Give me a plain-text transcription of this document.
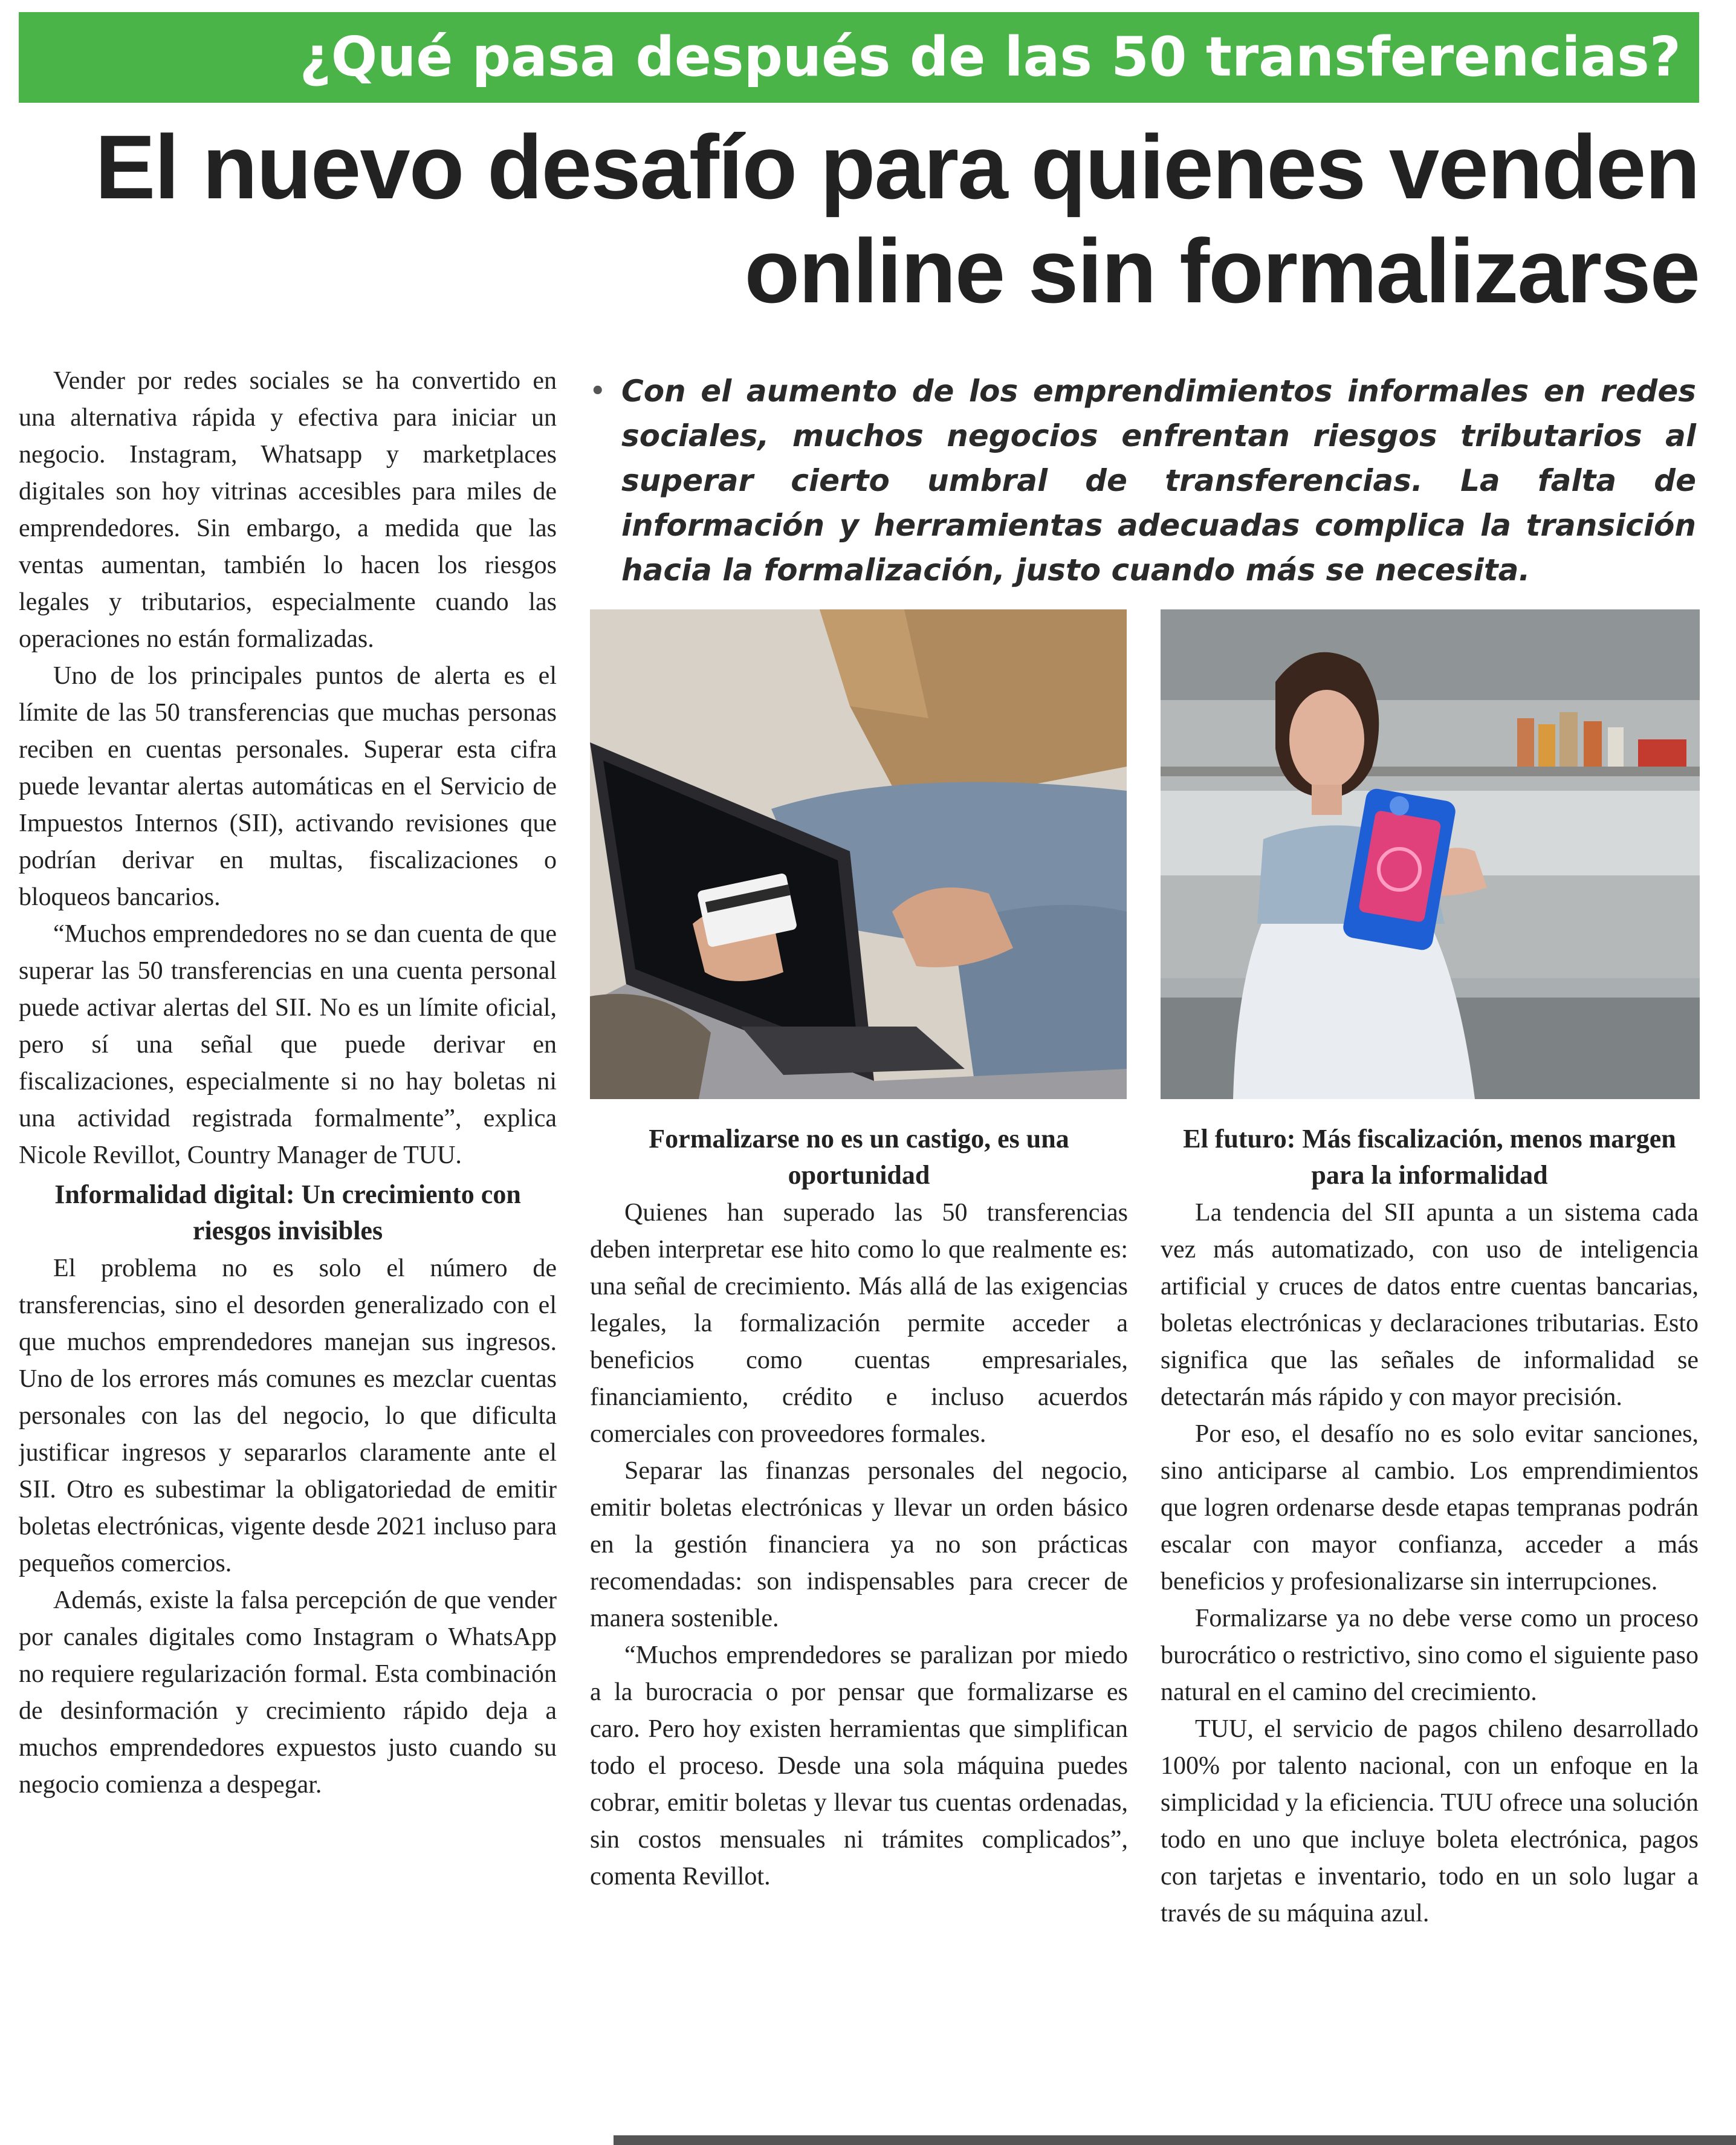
¿Qué pasa después de las 50 transferencias?
El nuevo desafío para quienes venden
online sin formalizarse

Vender por redes sociales se ha convertido en una alternativa rápida y efectiva para iniciar un negocio. Instagram, Whatsapp y marketplaces digitales son hoy vitrinas accesibles para miles de emprendedores. Sin embargo, a medida que las ventas aumentan, también lo hacen los riesgos legales y tributarios, especialmente cuando las operaciones no están formalizadas.

Uno de los principales puntos de alerta es el límite de las 50 transferencias que muchas personas reciben en cuentas personales. Superar esta cifra puede levantar alertas automáticas en el Servicio de Impuestos Internos (SII), activando revisiones que podrían derivar en multas, fiscalizaciones o bloqueos bancarios.

“Muchos emprendedores no se dan cuenta de que superar las 50 transferencias en una cuenta personal puede activar alertas del SII. No es un límite oficial, pero sí una señal que puede derivar en fiscalizaciones, especialmente si no hay boletas ni una actividad registrada formalmente”, explica Nicole Revillot, Country Manager de TUU.

Informalidad digital: Un crecimiento con riesgos invisibles

El problema no es solo el número de transferencias, sino el desorden generalizado con el que muchos emprendedores manejan sus ingresos. Uno de los errores más comunes es mezclar cuentas personales con las del negocio, lo que dificulta justificar ingresos y separarlos claramente ante el SII. Otro es subestimar la obligatoriedad de emitir boletas electrónicas, vigente desde 2021 incluso para pequeños comercios.

Además, existe la falsa percepción de que vender por canales digitales como Instagram o WhatsApp no requiere regularización formal. Esta combinación de desinformación y crecimiento rápido deja a muchos emprendedores expuestos justo cuando su negocio comienza a despegar.

• Con el aumento de los emprendimientos informales en redes sociales, muchos negocios enfrentan riesgos tributarios al superar cierto umbral de transferencias. La falta de información y herramientas adecuadas complica la transición hacia la formalización, justo cuando más se necesita.

Formalizarse no es un castigo, es una oportunidad

Quienes han superado las 50 transferencias deben interpretar ese hito como lo que realmente es: una señal de crecimiento. Más allá de las exigencias legales, la formalización permite acceder a beneficios como cuentas empresariales, financiamiento, crédito e incluso acuerdos comerciales con proveedores formales.

Separar las finanzas personales del negocio, emitir boletas electrónicas y llevar un orden básico en la gestión financiera ya no son prácticas recomendadas: son indispensables para crecer de manera sostenible.

“Muchos emprendedores se paralizan por miedo a la burocracia o por pensar que formalizarse es caro. Pero hoy existen herramientas que simplifican todo el proceso. Desde una sola máquina puedes cobrar, emitir boletas y llevar tus cuentas ordenadas, sin costos mensuales ni trámites complicados”, comenta Revillot.

El futuro: Más fiscalización, menos margen para la informalidad

La tendencia del SII apunta a un sistema cada vez más automatizado, con uso de inteligencia artificial y cruces de datos entre cuentas bancarias, boletas electrónicas y declaraciones tributarias. Esto significa que las señales de informalidad se detectarán más rápido y con mayor precisión.

Por eso, el desafío no es solo evitar sanciones, sino anticiparse al cambio. Los emprendimientos que logren ordenarse desde etapas tempranas podrán escalar con mayor confianza, acceder a más beneficios y profesionalizarse sin interrupciones.

Formalizarse ya no debe verse como un proceso burocrático o restrictivo, sino como el siguiente paso natural en el camino del crecimiento.

TUU, el servicio de pagos chileno desarrollado 100% por talento nacional, con un enfoque en la simplicidad y la eficiencia. TUU ofrece una solución todo en uno que incluye boleta electrónica, pagos con tarjetas e inventario, todo en un solo lugar a través de su máquina azul.
